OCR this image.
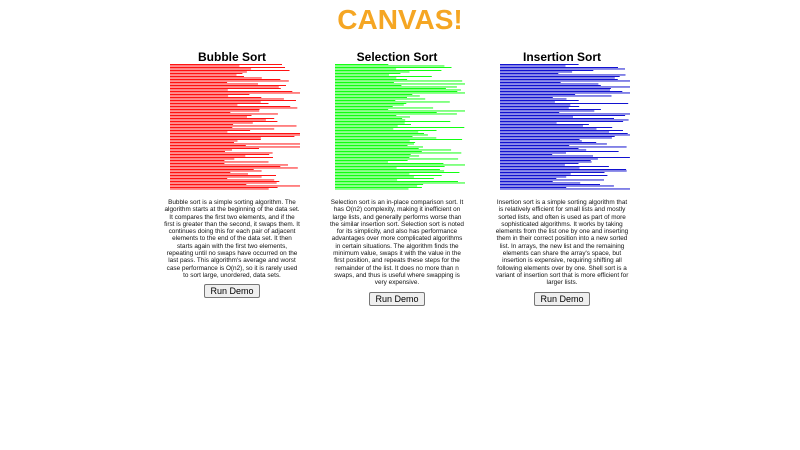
CANVAS!
Bubble Sort

Bubble sort is a simple sorting algorithm. The algorithm starts at the beginning of the data set. It compares the first two elements, and if the first is greater than the second, it swaps them. It continues doing this for each pair of adjacent elements to the end of the data set. It then starts again with the first two elements, repeating until no swaps have occurred on the last pass. This algorithm's average and worst case performance is O(n2), so it is rarely used to sort large, unordered, data sets.

Run Demo
Selection Sort

Selection sort is an in-place comparison sort. It has O(n2) complexity, making it inefficient on large lists, and generally performs worse than the similar insertion sort. Selection sort is noted for its simplicity, and also has performance advantages over more complicated algorithms in certain situations. The algorithm finds the minimum value, swaps it with the value in the first position, and repeats these steps for the remainder of the list. It does no more than n swaps, and thus is useful where swapping is very expensive.

Run Demo
Insertion Sort

Insertion sort is a simple sorting algorithm that is relatively efficient for small lists and mostly sorted lists, and often is used as part of more sophisticated algorithms. It works by taking elements from the list one by one and inserting them in their correct position into a new sorted list. In arrays, the new list and the remaining elements can share the array's space, but insertion is expensive, requiring shifting all following elements over by one. Shell sort is a variant of insertion sort that is more efficient for larger lists.

Run Demo
